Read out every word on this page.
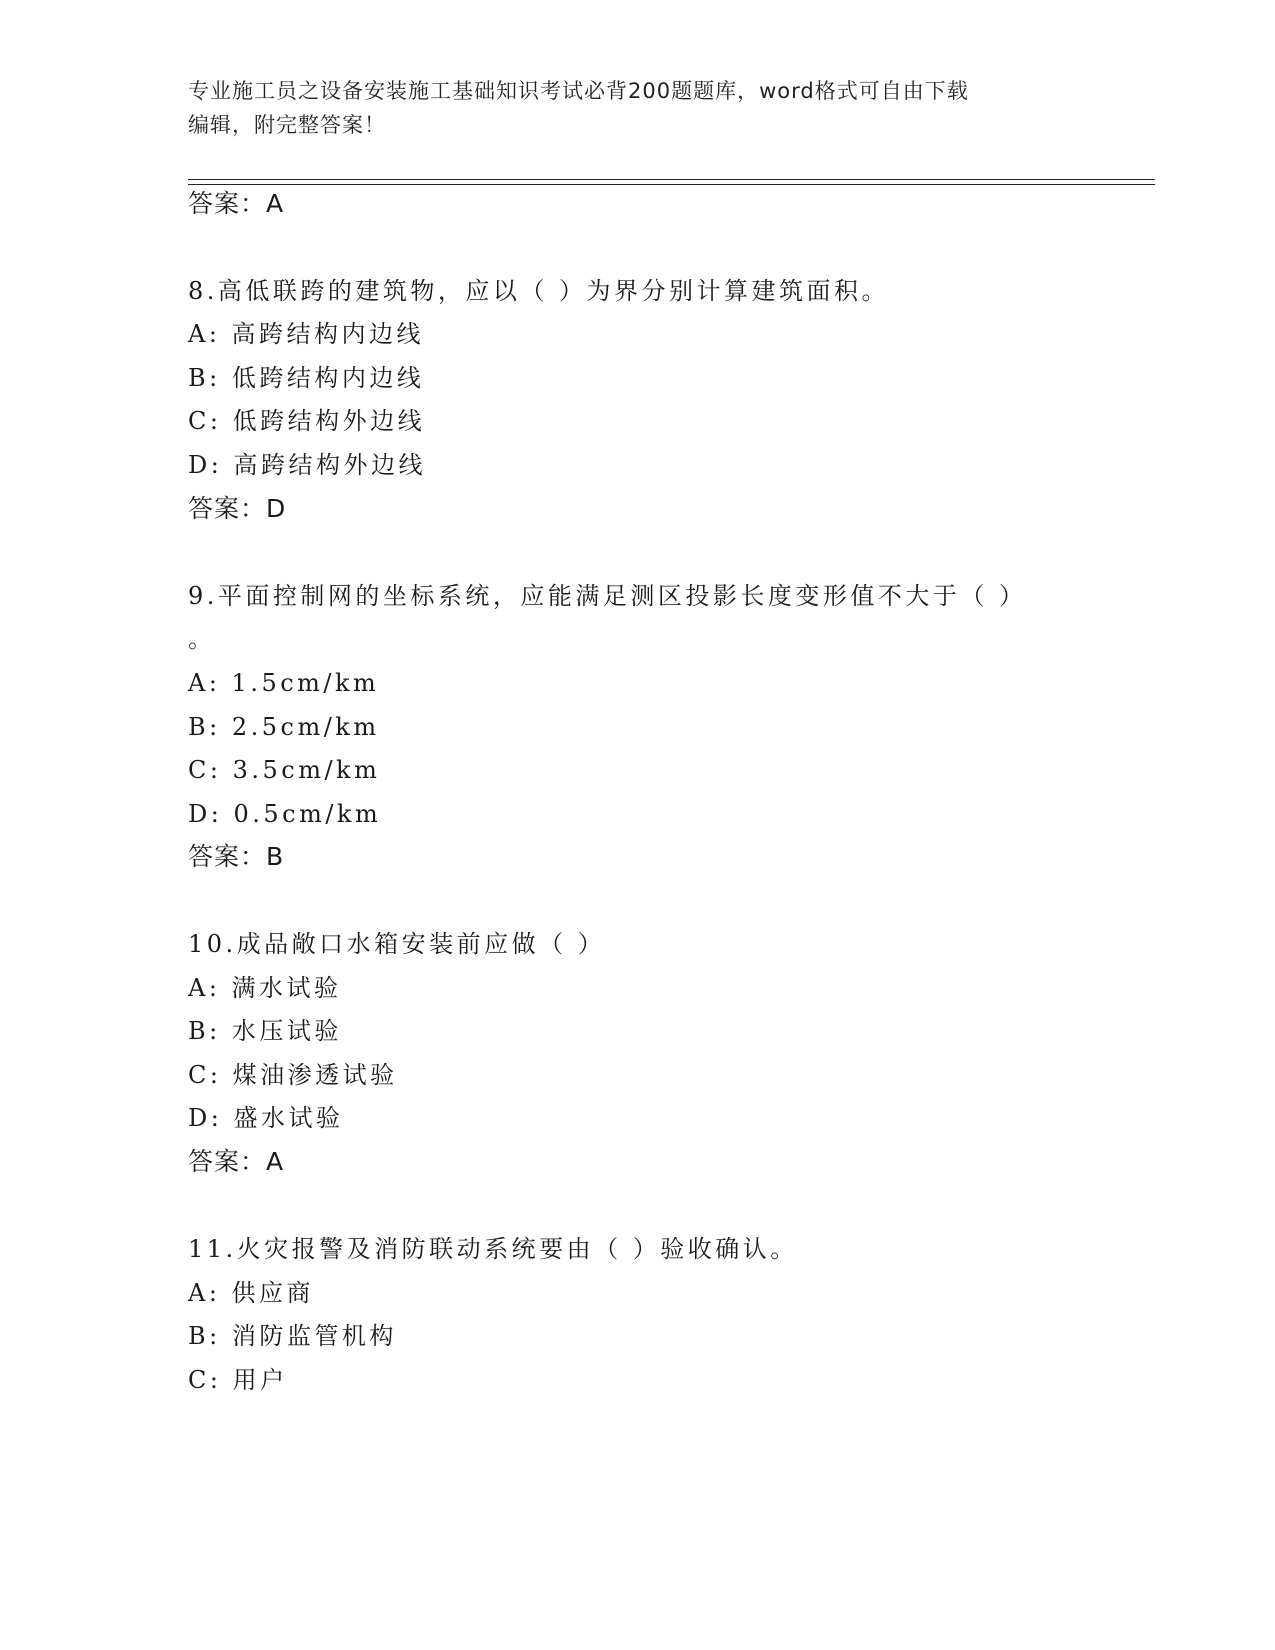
专业施工员之设备安装施工基础知识考试必背200题题库，word格式可自由下载
编辑，附完整答案！
答案：A
8.高低联跨的建筑物，应以（ ）为界分别计算建筑面积。
A: 高跨结构内边线
B: 低跨结构内边线
C: 低跨结构外边线
D: 高跨结构外边线
答案：D
9.平面控制网的坐标系统，应能满足测区投影长度变形值不大于（ ）
。
A: 1.5cm/km
B: 2.5cm/km
C: 3.5cm/km
D: 0.5cm/km
答案：B
10.成品敞口水箱安装前应做（ ）
A: 满水试验
B: 水压试验
C: 煤油渗透试验
D: 盛水试验
答案：A
11.火灾报警及消防联动系统要由（ ）验收确认。
A: 供应商
B: 消防监管机构
C: 用户
